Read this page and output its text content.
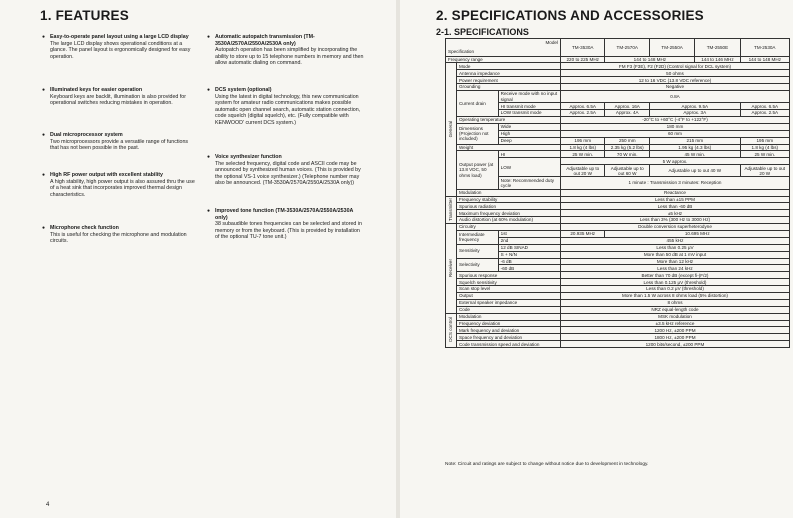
1. FEATURES
● Easy-to-operate panel layout using a large LCD display
The large LCD display shows operational conditions at a glance. The panel layout is ergonomically designed for easy operation.
● Illuminated keys for easier operation
Keyboard keys are backlit, illumination is also provided for operational switches reducing mistakes in operation.
● Dual microprocessor system
Two microprocessors provide a versatile range of functions that has not been possible in the past.
● High RF power output with excellent stability
A high stability, high power output is also assured thru the use of a heat sink that incorporates improved thermal design characteristics.
● Microphone check function
This is useful for checking the microphone and modulation circuits.
● Automatic autopatch transmission (TM-3530A/2570A/2550A/2530A only)
Autopatch operation has been simplified by incorporating the ability to store up to 15 telephone numbers in memory and then allow automatic dialing on command.
● DCS system (optional)
Using the latest in digital technology, this new communication system for amateur radio communications makes possible automatic open channel search, automatic station connection, code squelch (digital squelch), etc. (Fully compatible with KENWOOD' current DCS system.)
● Voice synthesizer function
The selected frequency, digital code and ASCII code may be announced by synthesized human voices. (This is provided by the optional VS-1 voice synthesizer.) (Telephone number may also be announced. (TM-3530A/2570A/2550A/2530A only))
● Improved tone function (TM-3530A/2570A/2550A/2530A only)
38 subaudible tones frequencies can be selected and stored in memory or from the keyboard. (This is provided by installation of the optional TU-7 tone unit.)
4
2. SPECIFICATIONS AND ACCESSORIES
2-1. SPECIFICATIONS
Model
Specification			TM-3530A	TM-2570A	TM-2550A	TM-2550E	TM-2530A
Frequency range			220 to 225 MHz	144 to 148 MHz		144 to 146 MHz	144 to 148 MHz
General	Mode		FM F3 (F3E), F2 (F2D) (Control signal for DCL system)				
	Antenna impedance		50 ohms				
	Power requirement		12 to 16 VDC (13.8 VDC reference)				
	Grounding		Negative				
	Current drain	Receive mode with no input signal	0.8A				
		HI transmit mode	Approx. 6.5A	Approx. 16A	Approx. 9.5A		Approx. 6.5A
		LOW transmit mode	Approx. 2.5A	Approx. 4A	Approx. 3A		Approx. 2.5A
	Operating temperature		-20°C to +60°C (-4°F to +122°F)				
	Dimensions (Projection not included)	Wide	180 mm				
		High	60 mm				
		Deep	195 mm	250 mm	215 mm		195 mm
	Weight		1.8 kg (4 lbs)	2.35 kg (5.2 lbs)	1.95 kg (4.3 lbs)		1.8 kg (4 lbs)
	Output power (at 13.8 VDC, 50 ohms load)	HI	25 W min.	70 W min.	45 W min.		25 W min.
		LOW	5 W approx.				
			Adjustable up to out 20 W	Adjustable up to out 60 W	Adjustable up to out 40 W		Adjustable up to out 20 W
		Note: Recommended duty cycle	1 minute : Transmission 3 minutes: Reception				
	Modulation		Reactance				
Transmitter	Frequency stability		Less than ±15 PPM				
	Spurious radiation		Less than -60 dB				
	Maximum frequency deviation		±5 kHz				
	Audio distortion (at 60% modulation)		Less than 3% (300 Hz to 3000 Hz)				
Receiver	Circuitry		Double conversion superheterodyne				
	Intermediate frequency	1st	20.935 MHz	10.695 MHz			
		2nd	455 kHz				
	Sensitivity	12 dB SINAD	Less than 0.25 μV				
		S + N/N	More than 50 dB at 1 mV input				
	Selectivity	-6 dB	More than 12 kHz				
		-60 dB	Less than 24 kHz				
	Spurious response		Better than 70 dB (except fi-(F/2)				
	Squelch sensitivity		Less than 0.125 μV (threshold)				
	Scan stop level		Less than 0.2 μV (threshold)				
	Output		More than 1.5 W across 8 ohms load (5% distortion)				
	External speaker impedance		8 ohms				
	Code		NRZ equal-length code				
DCS control	Modulation		MSK modulation				
	Frequency deviation		±3.5 kHz reference				
	Mark frequency and deviation		1200 Hz, ±200 PPM				
	Space frequency and deviation		1800 Hz, ±200 PPM				
	Code transmission speed and deviation		1200 bits/second, ±200 PPM				
Note: Circuit and ratings are subject to change without notice due to development in technology.
